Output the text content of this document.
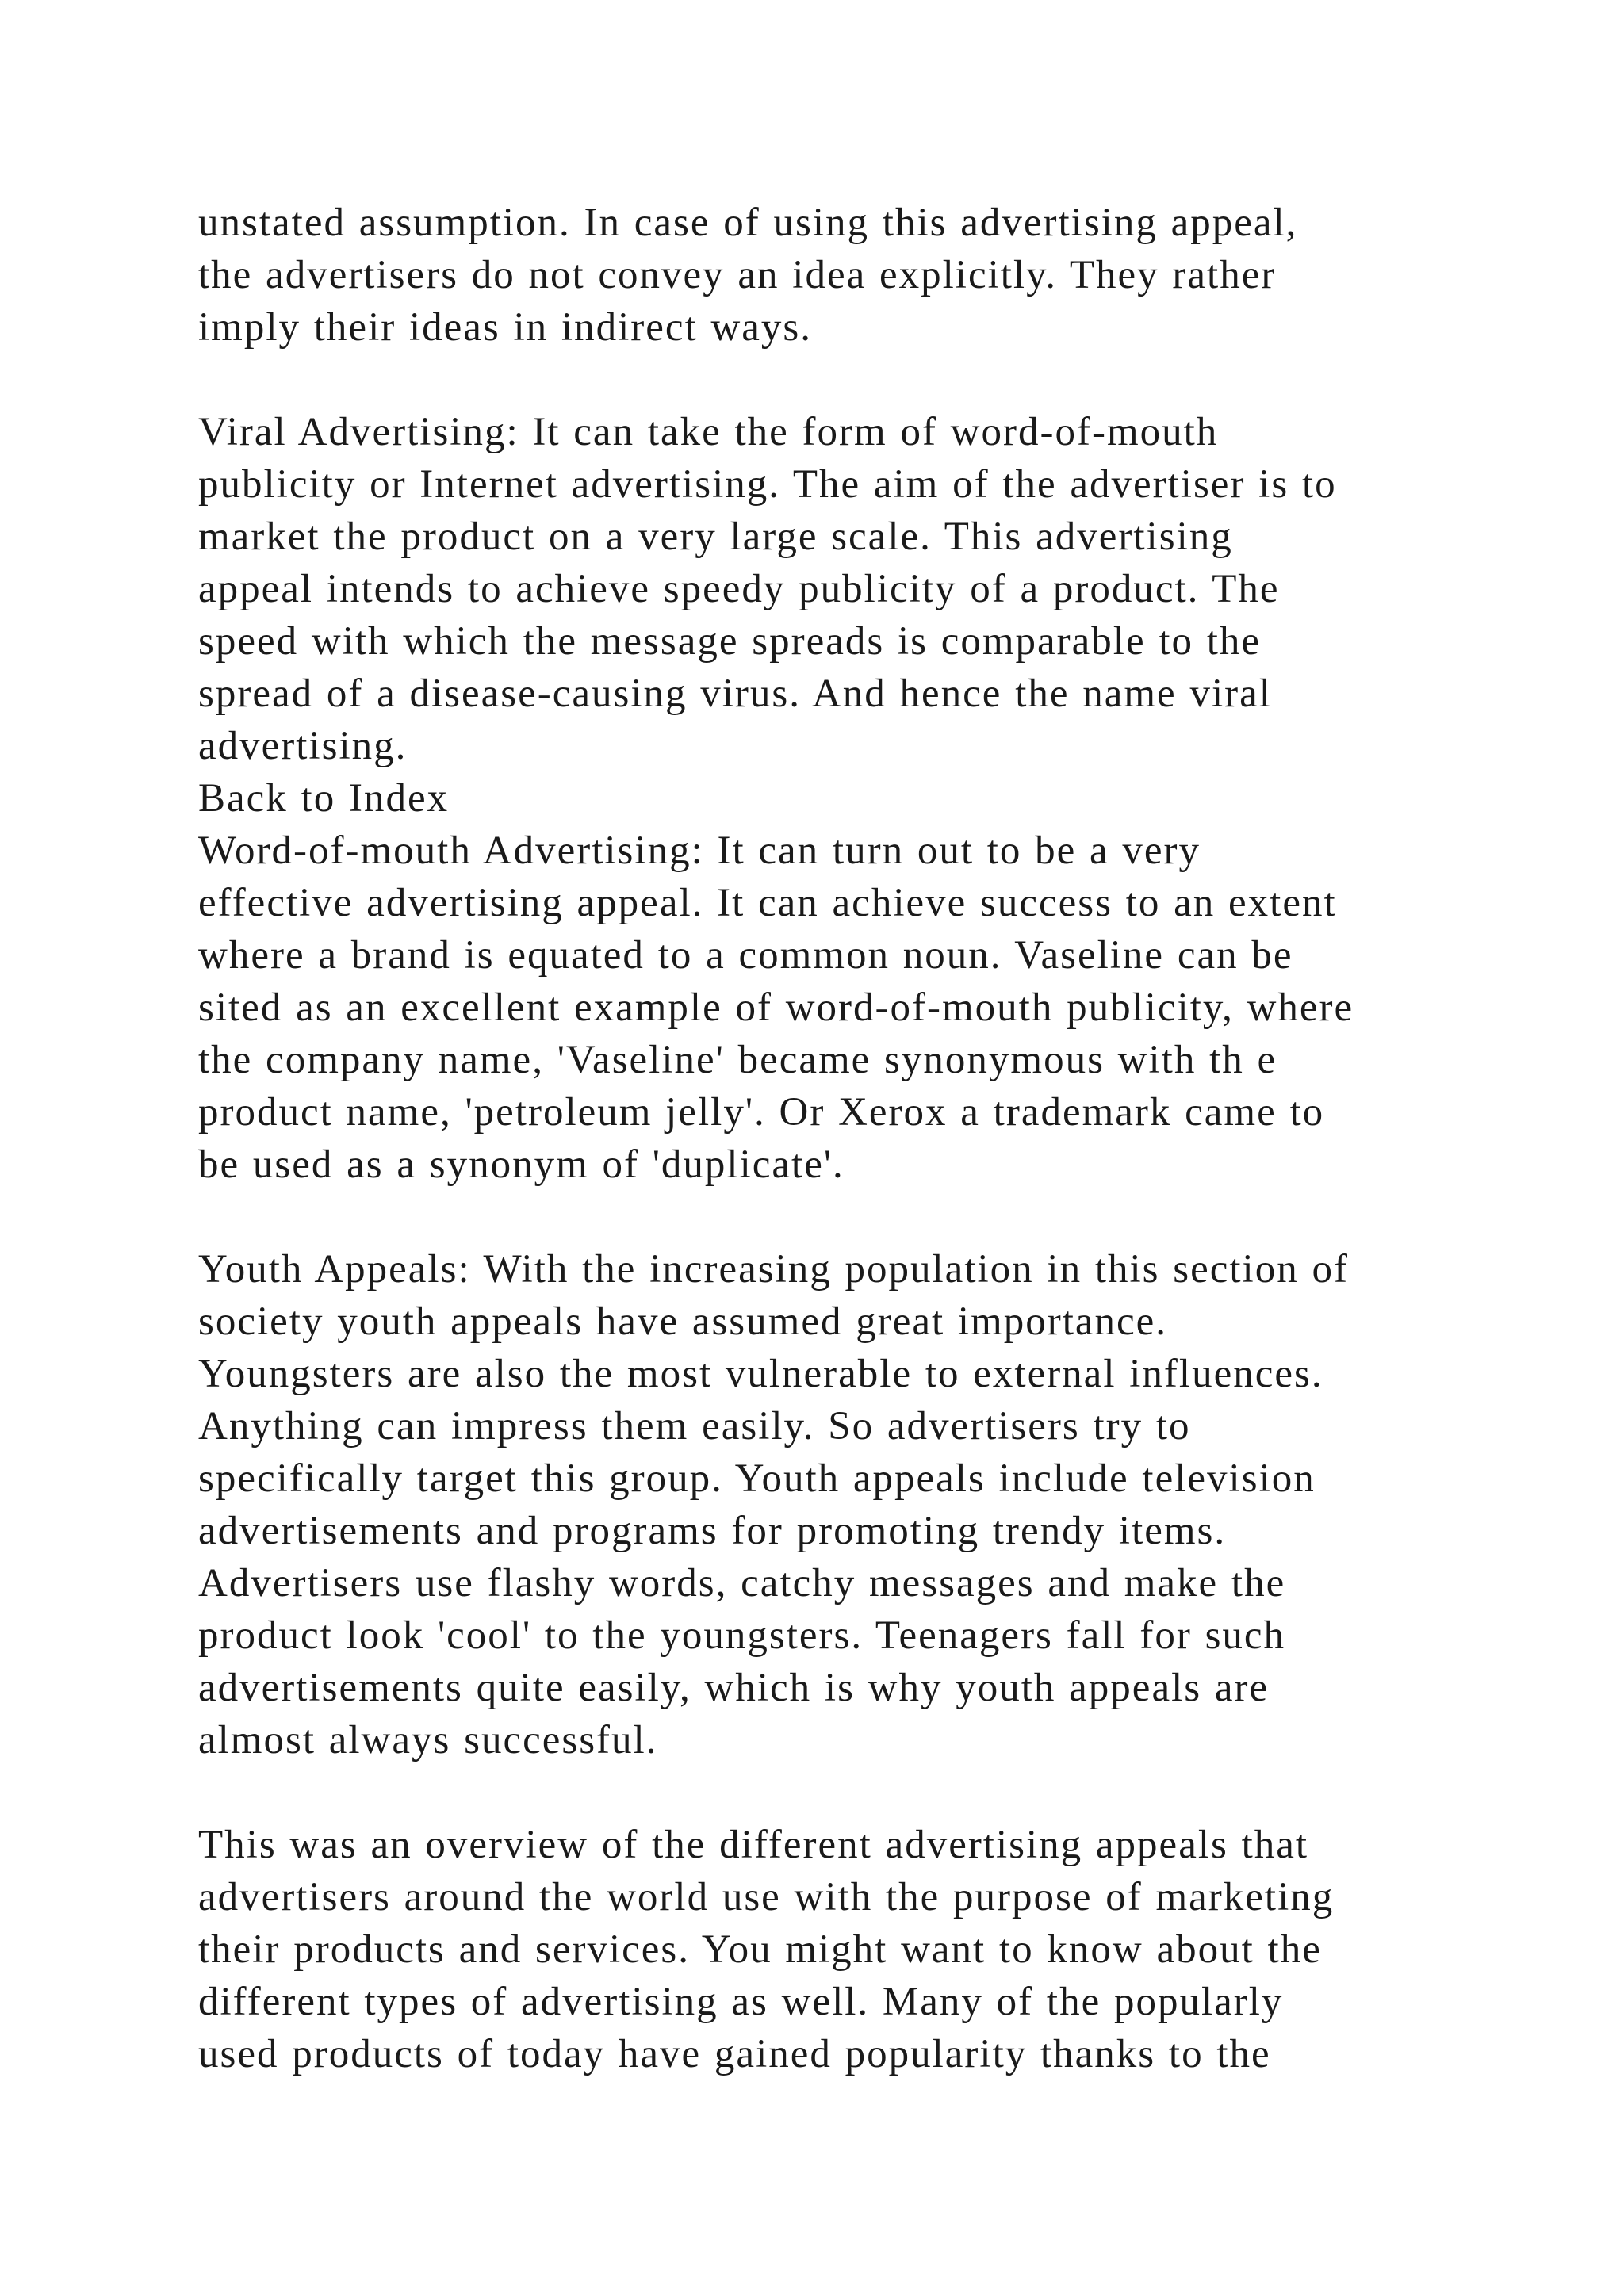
unstated assumption. In case of using this advertising appeal,
the advertisers do not convey an idea explicitly. They rather
imply their ideas in indirect ways.
Viral Advertising: It can take the form of word-of-mouth
publicity or Internet advertising. The aim of the advertiser is to
market the product on a very large scale. This advertising
appeal intends to achieve speedy publicity of a product. The
speed with which the message spreads is comparable to the
spread of a disease-causing virus. And hence the name viral
advertising.
Back to Index
Word-of-mouth Advertising: It can turn out to be a very
effective advertising appeal. It can achieve success to an extent
where a brand is equated to a common noun. Vaseline can be
sited as an excellent example of word-of-mouth publicity, where
the company name, 'Vaseline' became synonymous with th e
product name, 'petroleum jelly'. Or Xerox a trademark came to
be used as a synonym of 'duplicate'.
Youth Appeals: With the increasing population in this section of
society youth appeals have assumed great importance.
Youngsters are also the most vulnerable to external influences.
Anything can impress them easily. So advertisers try to
specifically target this group. Youth appeals include television
advertisements and programs for promoting trendy items.
Advertisers use flashy words, catchy messages and make the
product look 'cool' to the youngsters. Teenagers fall for such
advertisements quite easily, which is why youth appeals are
almost always successful.
This was an overview of the different advertising appeals that
advertisers around the world use with the purpose of marketing
their products and services. You might want to know about the
different types of advertising as well. Many of the popularly
used products of today have gained popularity thanks to the
